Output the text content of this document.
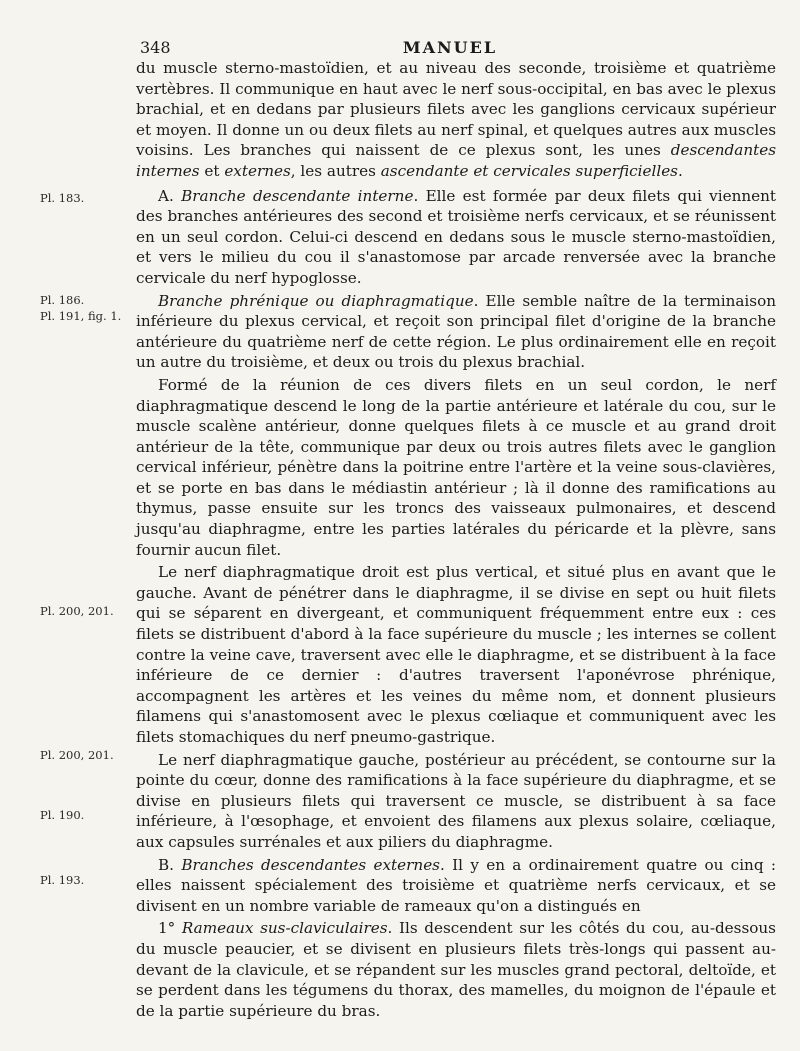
348	MANUEL
Pl. 183.
Pl. 186.
Pl. 191, fig. 1.
Pl. 200, 201.
Pl. 200, 201.
Pl. 190.
Pl. 193.

du muscle sterno-mastoïdien, et au niveau des seconde, troisième et quatrième vertèbres. Il communique en haut avec le nerf sous-occipital, en bas avec le plexus brachial, et en dedans par plusieurs filets avec les ganglions cervicaux supérieur et moyen. Il donne un ou deux filets au nerf spinal, et quelques autres aux muscles voisins. Les branches qui naissent de ce plexus sont, les unes descendantes internes et externes, les autres ascendante et cervicales superficielles.

A. Branche descendante interne. Elle est formée par deux filets qui viennent des branches antérieures des second et troisième nerfs cervicaux, et se réunissent en un seul cordon. Celui-ci descend en dedans sous le muscle sterno-mastoïdien, et vers le milieu du cou il s'anastomose par arcade renversée avec la branche cervicale du nerf hypoglosse.

Branche phrénique ou diaphragmatique. Elle semble naître de la terminaison inférieure du plexus cervical, et reçoit son principal filet d'origine de la branche antérieure du quatrième nerf de cette région. Le plus ordinairement elle en reçoit un autre du troisième, et deux ou trois du plexus brachial.

Formé de la réunion de ces divers filets en un seul cordon, le nerf diaphragmatique descend le long de la partie antérieure et latérale du cou, sur le muscle scalène antérieur, donne quelques filets à ce muscle et au grand droit antérieur de la tête, communique par deux ou trois autres filets avec le ganglion cervical inférieur, pénètre dans la poitrine entre l'artère et la veine sous-clavières, et se porte en bas dans le médiastin antérieur ; là il donne des ramifications au thymus, passe ensuite sur les troncs des vaisseaux pulmonaires, et descend jusqu'au diaphragme, entre les parties latérales du péricarde et la plèvre, sans fournir aucun filet.

Le nerf diaphragmatique droit est plus vertical, et situé plus en avant que le gauche. Avant de pénétrer dans le diaphragme, il se divise en sept ou huit filets qui se séparent en divergeant, et communiquent fréquemment entre eux : ces filets se distribuent d'abord à la face supérieure du muscle ; les internes se collent contre la veine cave, traversent avec elle le diaphragme, et se distribuent à la face inférieure de ce dernier : d'autres traversent l'aponévrose phrénique, accompagnent les artères et les veines du même nom, et donnent plusieurs filamens qui s'anastomosent avec le plexus cœliaque et communiquent avec les filets stomachiques du nerf pneumo-gastrique.

Le nerf diaphragmatique gauche, postérieur au précédent, se contourne sur la pointe du cœur, donne des ramifications à la face supérieure du diaphragme, et se divise en plusieurs filets qui traversent ce muscle, se distribuent à sa face inférieure, à l'œsophage, et envoient des filamens aux plexus solaire, cœliaque, aux capsules surrénales et aux piliers du diaphragme.

B. Branches descendantes externes. Il y en a ordinairement quatre ou cinq : elles naissent spécialement des troisième et quatrième nerfs cervicaux, et se divisent en un nombre variable de rameaux qu'on a distingués en

1° Rameaux sus-claviculaires. Ils descendent sur les côtés du cou, au-dessous du muscle peaucier, et se divisent en plusieurs filets très-longs qui passent au-devant de la clavicule, et se répandent sur les muscles grand pectoral, deltoïde, et se perdent dans les tégumens du thorax, des mamelles, du moignon de l'épaule et de la partie supérieure du bras.
